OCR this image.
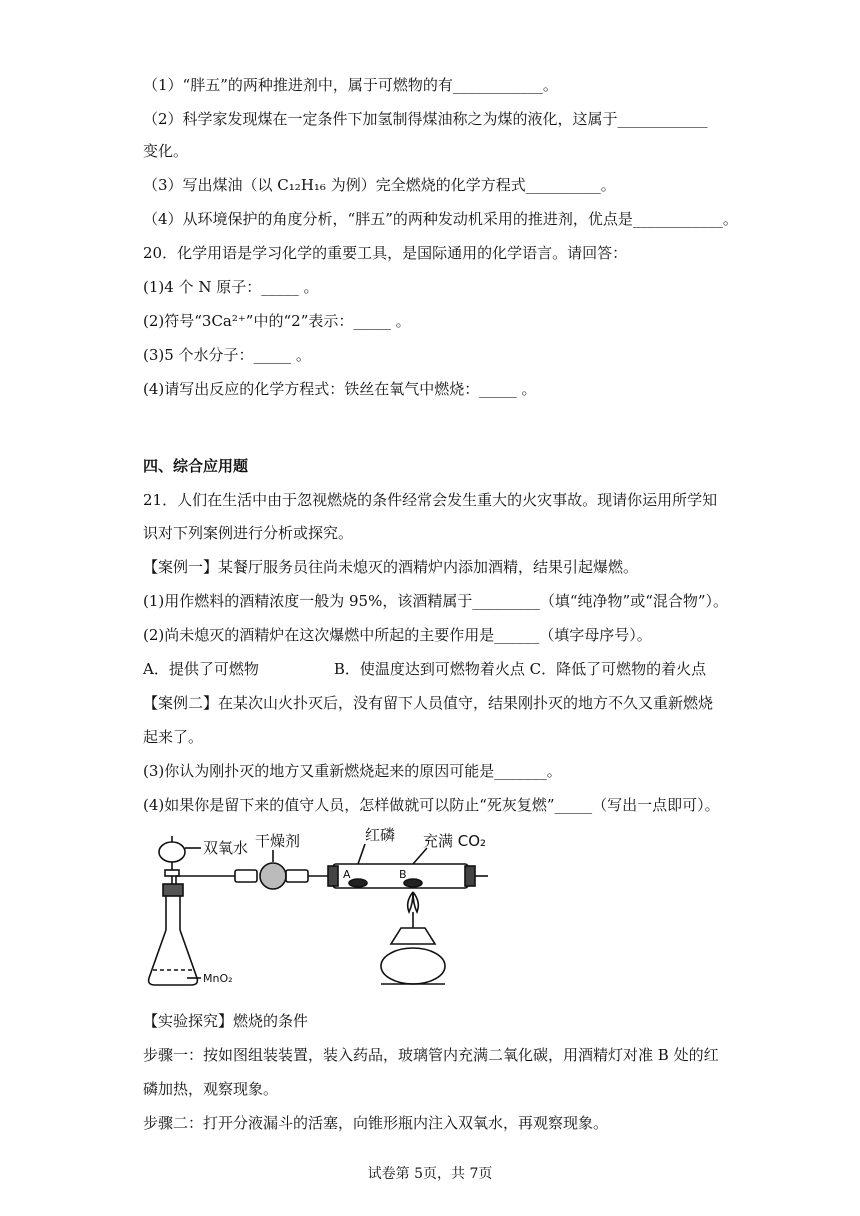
（1）“胖五”的两种推进剂中，属于可燃物的有____________。
（2）科学家发现煤在一定条件下加氢制得煤油称之为煤的液化，这属于____________
变化。
（3）写出煤油（以 C₁₂H₁₆ 为例）完全燃烧的化学方程式__________。
（4）从环境保护的角度分析，“胖五”的两种发动机采用的推进剂，优点是____________。
20．化学用语是学习化学的重要工具，是国际通用的化学语言。请回答：
(1)4 个 N 原子：_____ 。
(2)符号“3Ca²⁺”中的“2”表示：_____ 。
(3)5 个水分子：_____ 。
(4)请写出反应的化学方程式：铁丝在氧气中燃烧：_____ 。
四、综合应用题
21．人们在生活中由于忽视燃烧的条件经常会发生重大的火灾事故。现请你运用所学知
识对下列案例进行分析或探究。
【案例一】某餐厅服务员往尚未熄灭的酒精炉内添加酒精，结果引起爆燃。
(1)用作燃料的酒精浓度一般为 95%，该酒精属于_________（填“纯净物”或“混合物”）。
(2)尚未熄灭的酒精炉在这次爆燃中所起的主要作用是______（填字母序号）。
A．提供了可燃物　　　　　B．使温度达到可燃物着火点 C．降低了可燃物的着火点
【案例二】在某次山火扑灭后，没有留下人员值守，结果刚扑灭的地方不久又重新燃烧
起来了。
(3)你认为刚扑灭的地方又重新燃烧起来的原因可能是_______。
(4)如果你是留下来的值守人员，怎样做就可以防止“死灰复燃”_____（写出一点即可）。
双氧水 干燥剂	红磷 充满 CO₂
A	B
MnO₂
【实验探究】燃烧的条件
步骤一：按如图组装装置，装入药品，玻璃管内充满二氧化碳，用酒精灯对准 B 处的红
磷加热，观察现象。
步骤二：打开分液漏斗的活塞，向锥形瓶内注入双氧水，再观察现象。
试卷第 5页，共 7页
